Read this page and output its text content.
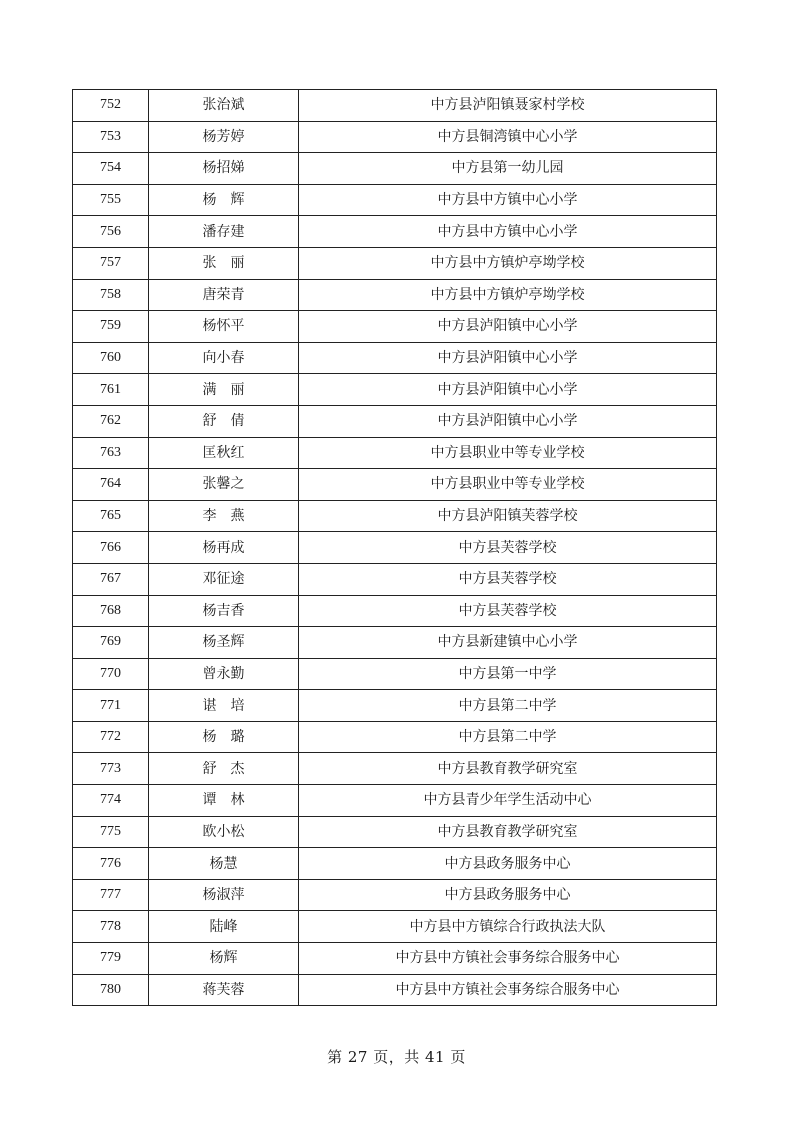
752	张治斌	中方县泸阳镇聂家村学校
753	杨芳婷	中方县铜湾镇中心小学
754	杨招娣	中方县第一幼儿园
755	杨　辉	中方县中方镇中心小学
756	潘存建	中方县中方镇中心小学
757	张　丽	中方县中方镇炉亭坳学校
758	唐荣青	中方县中方镇炉亭坳学校
759	杨怀平	中方县泸阳镇中心小学
760	向小春	中方县泸阳镇中心小学
761	满　丽	中方县泸阳镇中心小学
762	舒　倩	中方县泸阳镇中心小学
763	匡秋红	中方县职业中等专业学校
764	张馨之	中方县职业中等专业学校
765	李　燕	中方县泸阳镇芙蓉学校
766	杨再成	中方县芙蓉学校
767	邓征途	中方县芙蓉学校
768	杨吉香	中方县芙蓉学校
769	杨圣辉	中方县新建镇中心小学
770	曾永勤	中方县第一中学
771	谌　培	中方县第二中学
772	杨　璐	中方县第二中学
773	舒　杰	中方县教育教学研究室
774	谭　林	中方县青少年学生活动中心
775	欧小松	中方县教育教学研究室
776	杨慧	中方县政务服务中心
777	杨淑萍	中方县政务服务中心
778	陆峰	中方县中方镇综合行政执法大队
779	杨辉	中方县中方镇社会事务综合服务中心
780	蒋芙蓉	中方县中方镇社会事务综合服务中心
第 27 页，共 41 页
